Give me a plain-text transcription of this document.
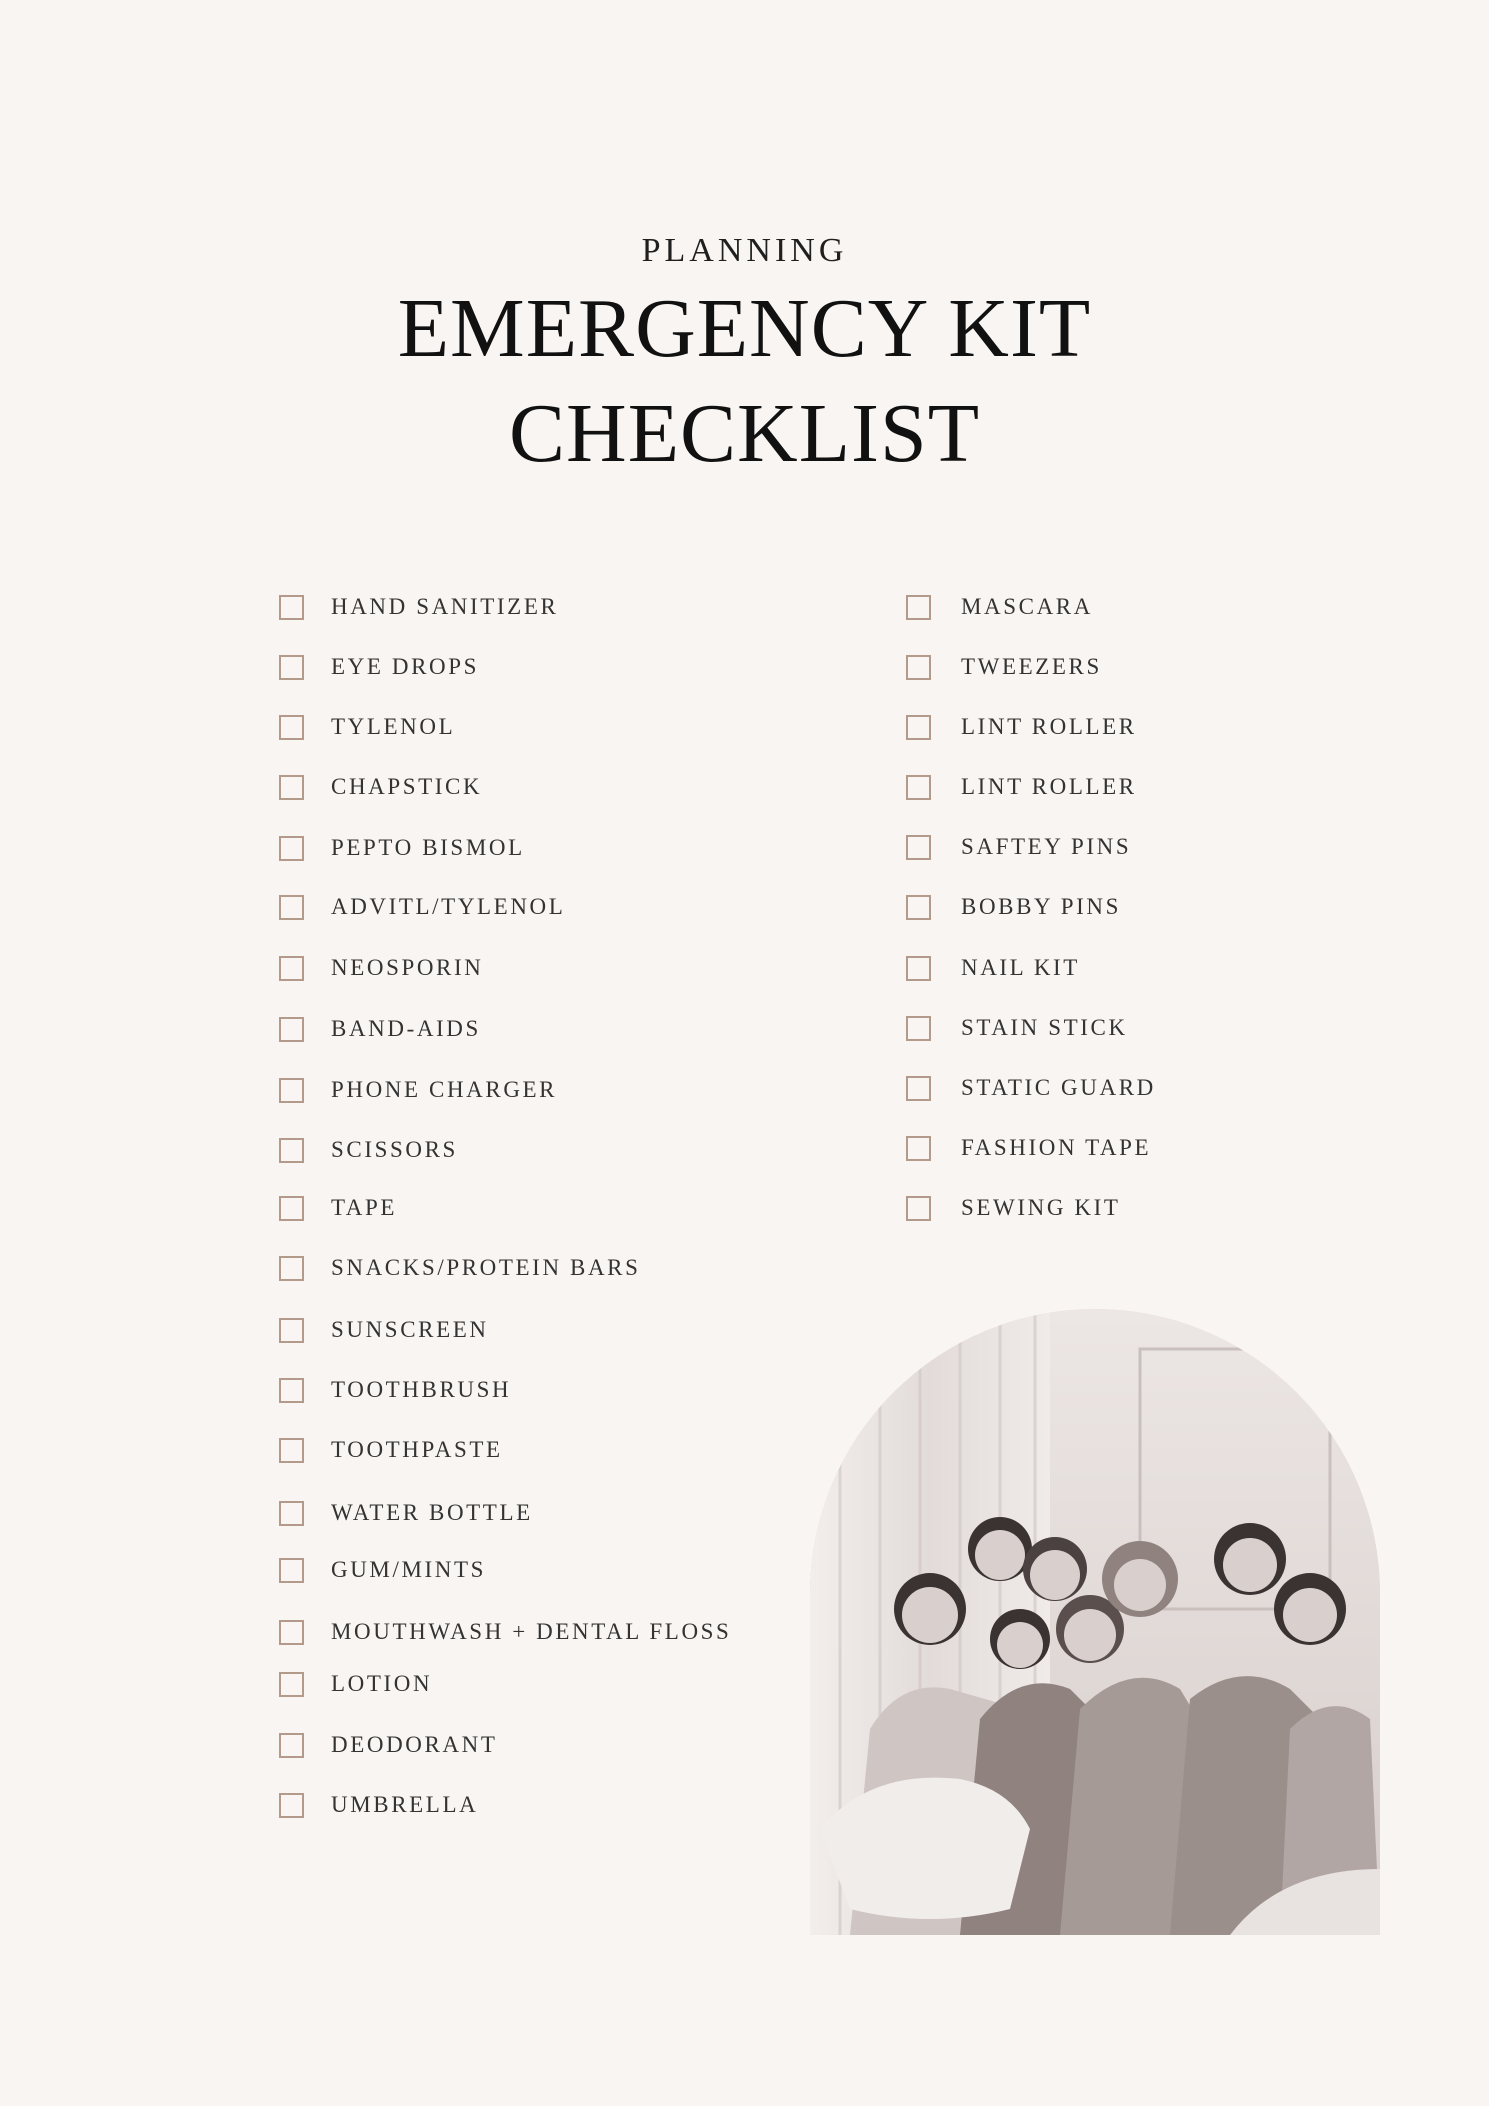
PLANNING
EMERGENCY KIT
CHECKLIST
HAND SANITIZER
EYE DROPS
TYLENOL
CHAPSTICK
PEPTO BISMOL
ADVITL/TYLENOL
NEOSPORIN
BAND-AIDS
PHONE CHARGER
SCISSORS
TAPE
SNACKS/PROTEIN BARS
SUNSCREEN
TOOTHBRUSH
TOOTHPASTE
WATER BOTTLE
GUM/MINTS
MOUTHWASH + DENTAL FLOSS
LOTION
DEODORANT
UMBRELLA
MASCARA
TWEEZERS
LINT ROLLER
LINT ROLLER
SAFTEY PINS
BOBBY PINS
NAIL KIT
STAIN STICK
STATIC GUARD
FASHION TAPE
SEWING KIT
